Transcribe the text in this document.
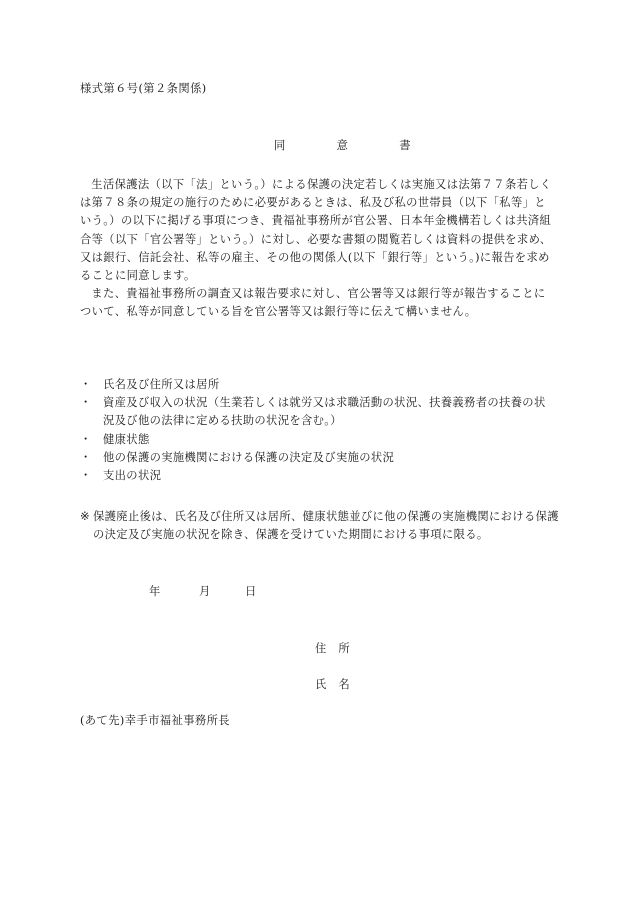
様式第６号(第２条関係)
同　意　書

生活保護法（以下「法」という。）による保護の決定若しくは実施又は法第７７条若しくは第７８条の規定の施行のために必要があるときは、私及び私の世帯員（以下「私等」という。）の以下に掲げる事項につき、貴福祉事務所が官公署、日本年金機構若しくは共済組合等（以下「官公署等」という。）に対し、必要な書類の閲覧若しくは資料の提供を求め、又は銀行、信託会社、私等の雇主、その他の関係人(以下「銀行等」という。)に報告を求めることに同意します。

また、貴福祉事務所の調査又は報告要求に対し、官公署等又は銀行等が報告することについて、私等が同意している旨を官公署等又は銀行等に伝えて構いません。

・ 氏名及び住所又は居所
・ 資産及び収入の状況（生業若しくは就労又は求職活動の状況、扶養義務者の扶養の状況及び他の法律に定める扶助の状況を含む。）
・ 健康状態
・ 他の保護の実施機関における保護の決定及び実施の状況
・ 支出の状況
※ 保護廃止後は、氏名及び住所又は居所、健康状態並びに他の保護の実施機関における保護の決定及び実施の状況を除き、保護を受けていた期間における事項に限る。
年	月	日
住　所
氏　名
(あて先)幸手市福祉事務所長
